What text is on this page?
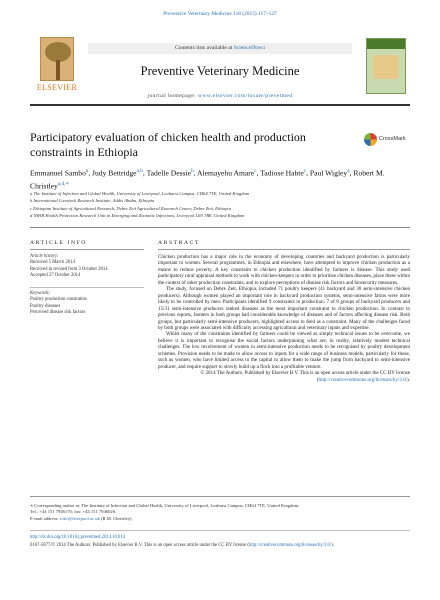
Preventive Veterinary Medicine 118 (2015) 117–127
ELSEVIER
Contents lists available at ScienceDirect
Preventive Veterinary Medicine
journal homepage: www.elsevier.com/locate/prevetmed
Participatory evaluation of chicken health and production constraints in Ethiopia
CrossMark
Emmanuel Sambo$^a$, Judy Bettridge$^{a,b}$, Tadelle Dessie$^b$, Alemayehu Amare$^c$, Tadiose Habte$^c$, Paul Wigley$^a$, Robert M. Christley$^{a,d,∗}$
a The Institute of Infection and Global Health, University of Liverpool, Leahurst Campus, CH64 7TE, United Kingdom
b International Livestock Research Institute, Addis Ababa, Ethiopia
c Ethiopian Institute of Agricultural Research, Debre Zeit Agricultural Research Center, Debre Zeit, Ethiopia
d NIHR Health Protection Research Unit in Emerging and Zoonotic Infections, Liverpool L69 7BE, United Kingdom
ARTICLE INFO	ABSTRACT
Article history:
Received 5 March 2014
Received in revised form 3 October 2014
Accepted 27 October 2014
Keywords:
Poultry production constraints
Poultry diseases
Perceived disease risk factors

Chicken production has a major role in the economy of developing countries and backyard production is particularly important to women. Several programmes, in Ethiopia and elsewhere, have attempted to improve chicken production as a means to reduce poverty. A key constraint to chicken production identified by farmers is disease. This study used participatory rural appraisal methods to work with chicken-keepers in order to prioritise chicken diseases, place these within the context of other production constraints, and to explore perceptions of disease risk factors and biosecurity measures.

The study, focused on Debre Zeit, Ethiopia, included 71 poultry keepers (41 backyard and 30 semi-intensive chicken producers). Although women played an important role in backyard production systems, semi-intensive farms were more likely to be controlled by men. Participants identified 9 constraints to production: 7 of 8 groups of backyard producers and 15/31 semi-intensive producers ranked diseases as the most important constraint to chicken production. In contrast to previous reports, farmers in both groups had considerable knowledge of diseases and of factors affecting disease risk. Both groups, but particularly semi-intensive producers, highlighted access to feed as a constraint. Many of the challenges faced by both groups were associated with difficulty accessing agricultural and veterinary inputs and expertise.

Whilst many of the constraints identified by farmers could be viewed as simply technical issues to be overcome, we believe it is important to recognise the social factors underpinning what are, in reality, relatively modest technical challenges. The low involvement of women in semi-intensive production needs to be recognised by poultry development schemes. Provision needs to be made to allow access to inputs for a wide range of business models, particularly for those, such as women, who have limited access to the capital to allow them to make the jump from backyard to semi-intensive producer, and require support to slowly build up a flock into a profitable venture.

© 2014 The Authors. Published by Elsevier B.V. This is an open access article under the CC BY license (http://creativecommons.org/licenses/by/3.0/).

∗ Corresponding author at: The Institute of Infection and Global Health, University of Liverpool, Leahurst Campus, CH64 7TE, United Kingdom.
Tel.: +44 151 7946170; fax: +44 151 7946026.
E-mail address: robc@liverpool.ac.uk (R.M. Christley).
http://dx.doi.org/10.1016/j.prevetmed.2014.10.014
0167-5877/© 2014 The Authors. Published by Elsevier B.V. This is an open access article under the CC BY license (http://creativecommons.org/licenses/by/3.0/).
